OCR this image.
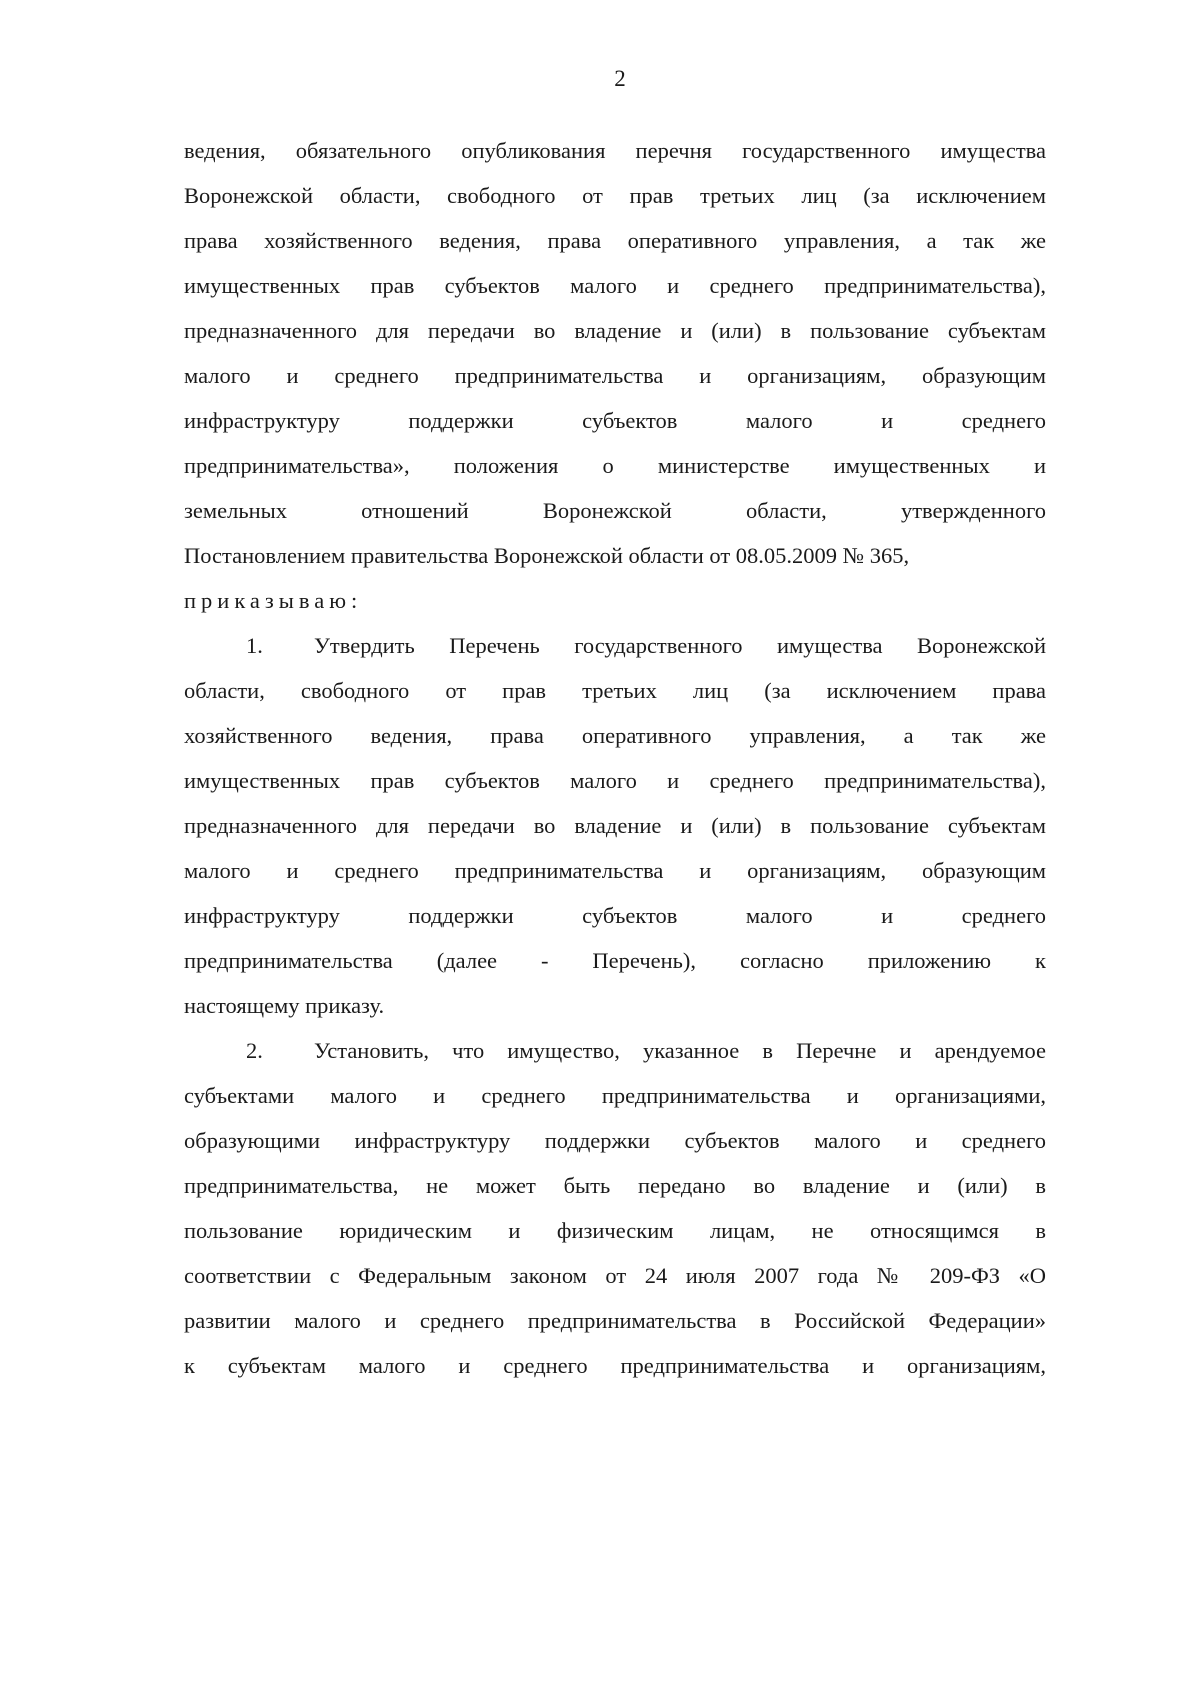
2
ведения, обязательного опубликования перечня государственного имущества
Воронежской области, свободного от прав третьих лиц (за исключением
права хозяйственного ведения, права оперативного управления, а так же
имущественных прав субъектов малого и среднего предпринимательства),
предназначенного для передачи во владение и (или) в пользование субъектам
малого и среднего предпринимательства и организациям, образующим
инфраструктуру поддержки субъектов малого и среднего
предпринимательства», положения о министерстве имущественных и
земельных отношений Воронежской области, утвержденного
Постановлением правительства Воронежской области от 08.05.2009 № 365,
приказываю:
1. Утвердить Перечень государственного имущества Воронежской
области, свободного от прав третьих лиц (за исключением права
хозяйственного ведения, права оперативного управления, а так же
имущественных прав субъектов малого и среднего предпринимательства),
предназначенного для передачи во владение и (или) в пользование субъектам
малого и среднего предпринимательства и организациям, образующим
инфраструктуру поддержки субъектов малого и среднего
предпринимательства (далее - Перечень), согласно приложению к
настоящему приказу.
2. Установить, что имущество, указанное в Перечне и арендуемое
субъектами малого и среднего предпринимательства и организациями,
образующими инфраструктуру поддержки субъектов малого и среднего
предпринимательства, не может быть передано во владение и (или) в
пользование юридическим и физическим лицам, не относящимся в
соответствии с Федеральным законом от 24 июля 2007 года № 209-ФЗ «О
развитии малого и среднего предпринимательства в Российской Федерации»
к субъектам малого и среднего предпринимательства и организациям,
